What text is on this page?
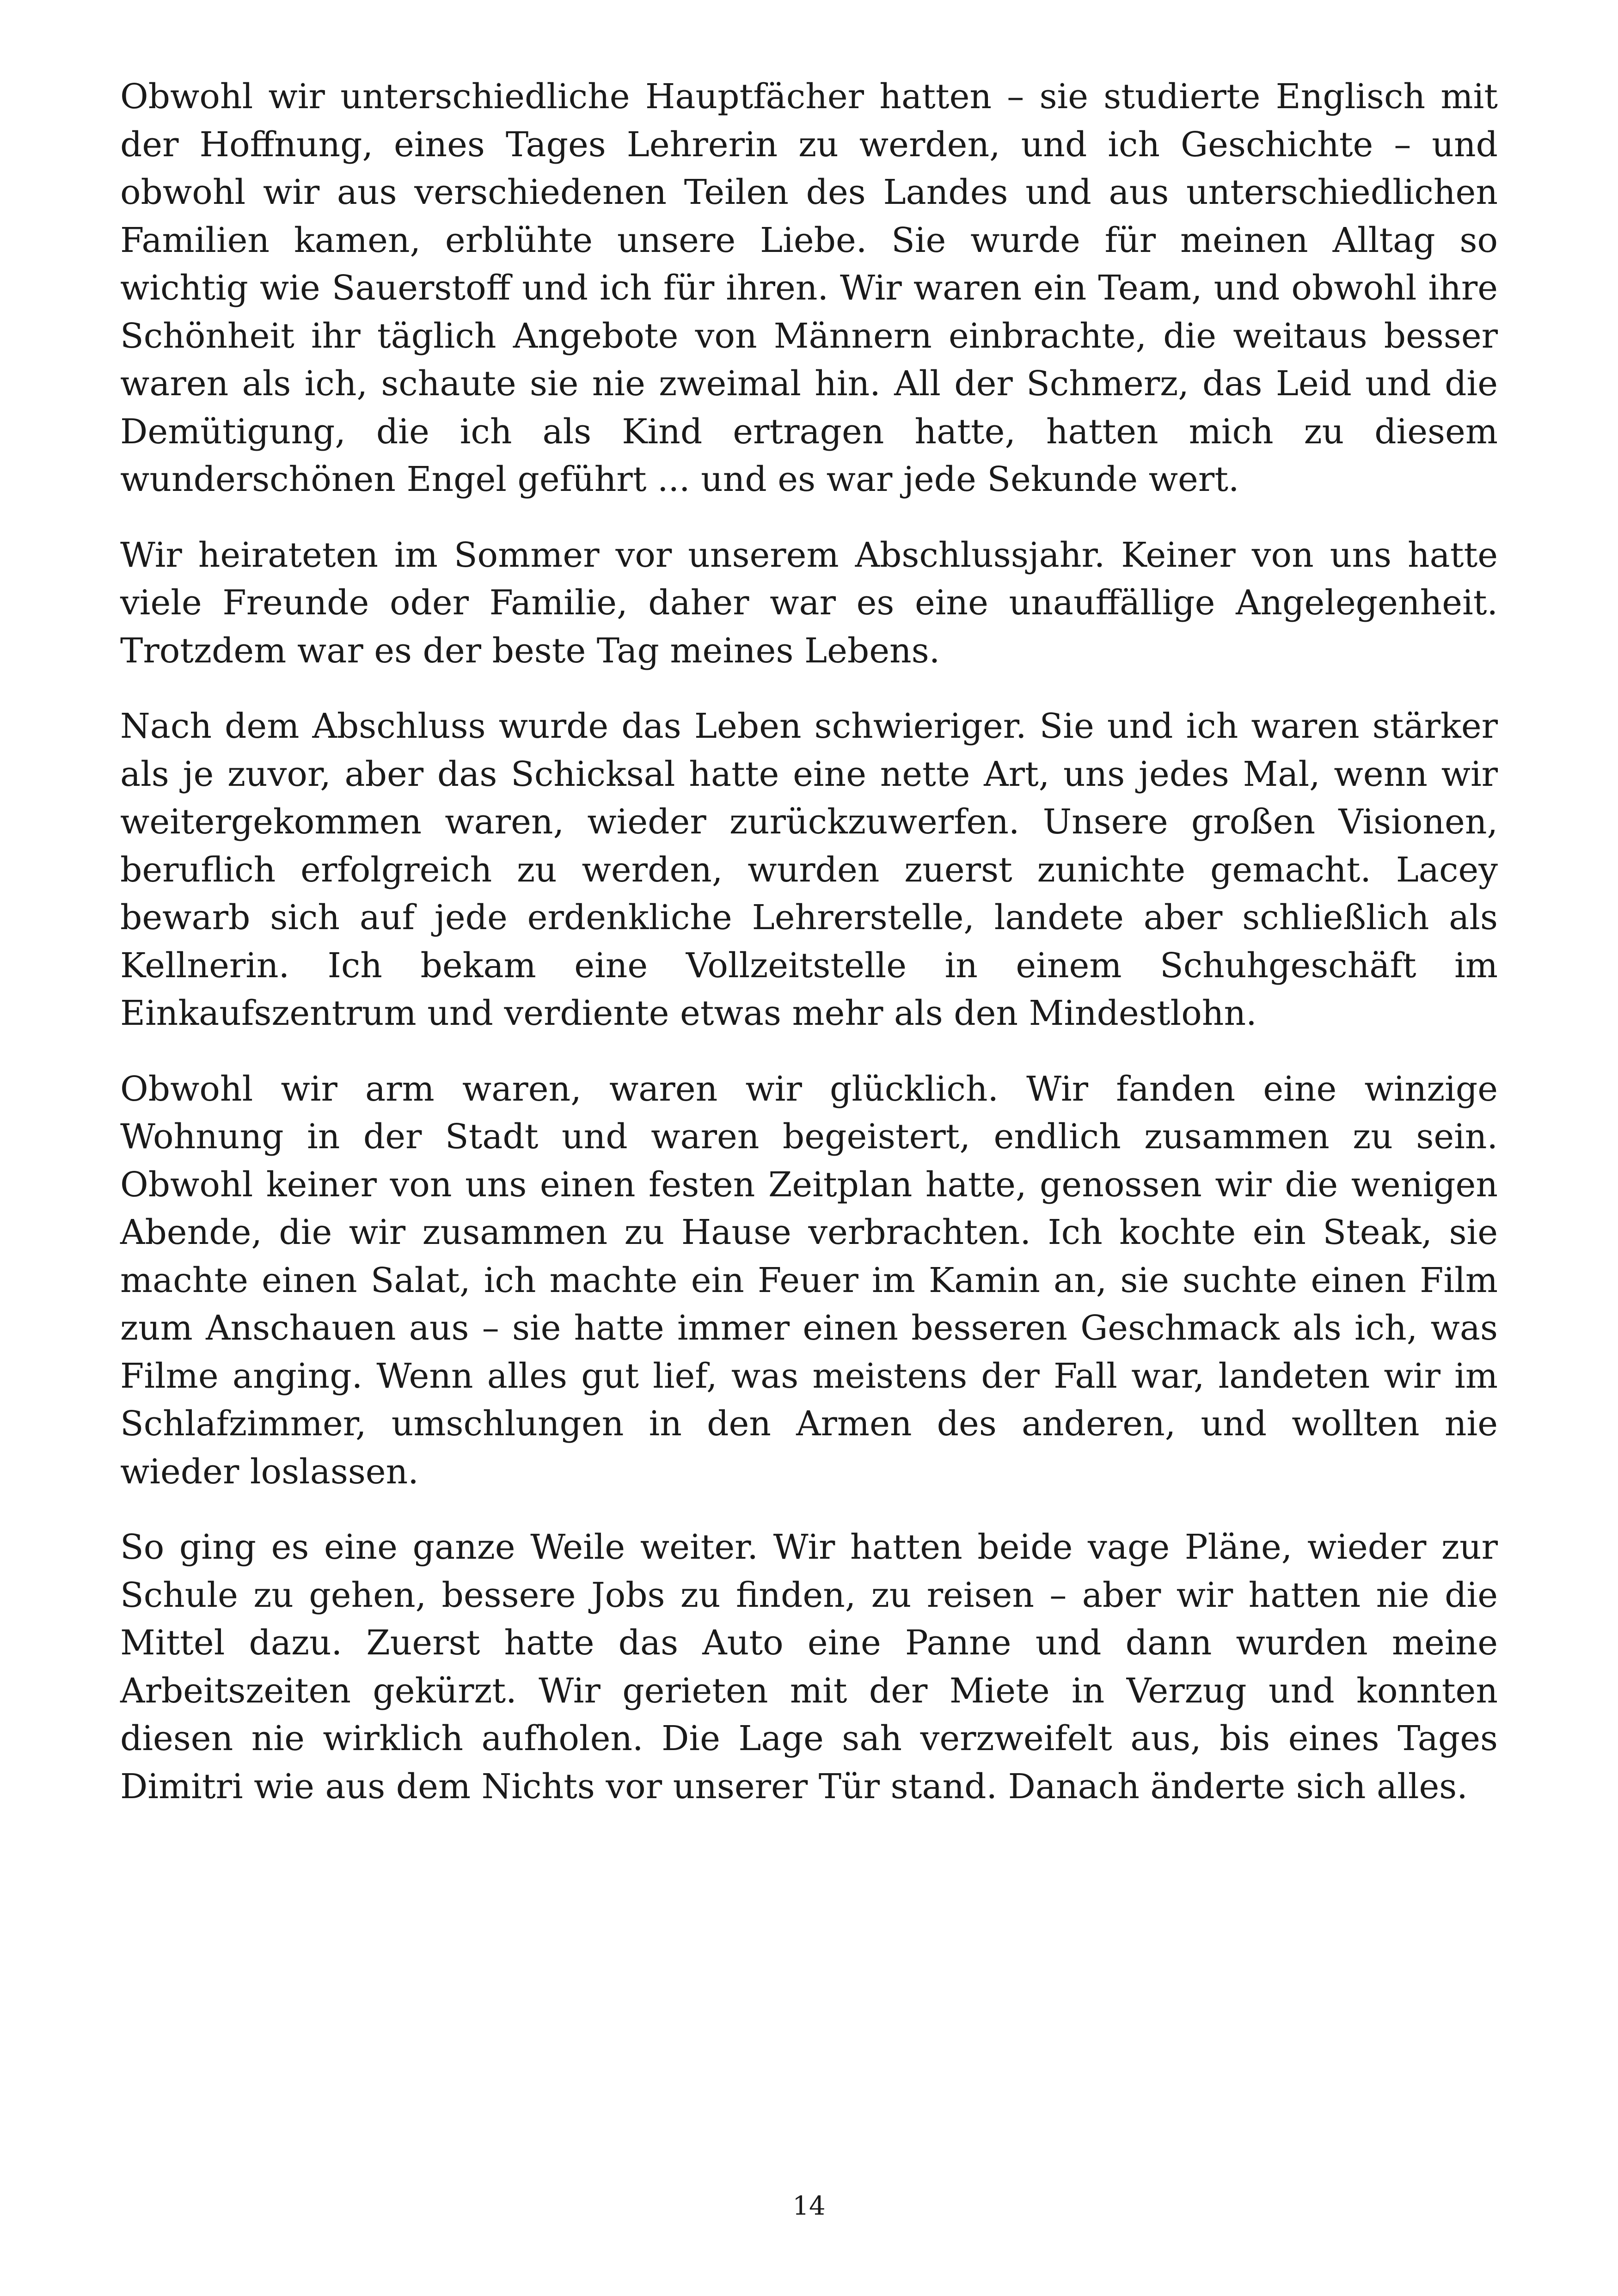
Obwohl wir unterschiedliche Hauptfächer hatten – sie studierte Englisch mit der Hoffnung, eines Tages Lehrerin zu werden, und ich Geschichte – und obwohl wir aus verschiedenen Teilen des Landes und aus unterschiedlichen Familien kamen, erblühte unsere Liebe. Sie wurde für meinen Alltag so wichtig wie Sauerstoff und ich für ihren. Wir waren ein Team, und obwohl ihre Schönheit ihr täglich Angebote von Männern einbrachte, die weitaus besser waren als ich, schaute sie nie zweimal hin. All der Schmerz, das Leid und die Demütigung, die ich als Kind ertragen hatte, hatten mich zu diesem wunderschönen Engel geführt ... und es war jede Sekunde wert.

Wir heirateten im Sommer vor unserem Abschlussjahr. Keiner von uns hatte viele Freunde oder Familie, daher war es eine unauffällige Angelegenheit. Trotzdem war es der beste Tag meines Lebens.

Nach dem Abschluss wurde das Leben schwieriger. Sie und ich waren stärker als je zuvor, aber das Schicksal hatte eine nette Art, uns jedes Mal, wenn wir weitergekommen waren, wieder zurückzuwerfen. Unsere großen Visionen, beruflich erfolgreich zu werden, wurden zuerst zunichte gemacht. Lacey bewarb sich auf jede erdenkliche Lehrerstelle, landete aber schließlich als Kellnerin. Ich bekam eine Vollzeitstelle in einem Schuhgeschäft im Einkaufszentrum und verdiente etwas mehr als den Mindestlohn.

Obwohl wir arm waren, waren wir glücklich. Wir fanden eine winzige Wohnung in der Stadt und waren begeistert, endlich zusammen zu sein. Obwohl keiner von uns einen festen Zeitplan hatte, genossen wir die wenigen Abende, die wir zusammen zu Hause verbrachten. Ich kochte ein Steak, sie machte einen Salat, ich machte ein Feuer im Kamin an, sie suchte einen Film zum Anschauen aus – sie hatte immer einen besseren Geschmack als ich, was Filme anging. Wenn alles gut lief, was meistens der Fall war, landeten wir im Schlafzimmer, umschlungen in den Armen des anderen, und wollten nie wieder loslassen.

So ging es eine ganze Weile weiter. Wir hatten beide vage Pläne, wieder zur Schule zu gehen, bessere Jobs zu finden, zu reisen – aber wir hatten nie die Mittel dazu. Zuerst hatte das Auto eine Panne und dann wurden meine Arbeitszeiten gekürzt. Wir gerieten mit der Miete in Verzug und konnten diesen nie wirklich aufholen. Die Lage sah verzweifelt aus, bis eines Tages Dimitri wie aus dem Nichts vor unserer Tür stand. Danach änderte sich alles.

14
